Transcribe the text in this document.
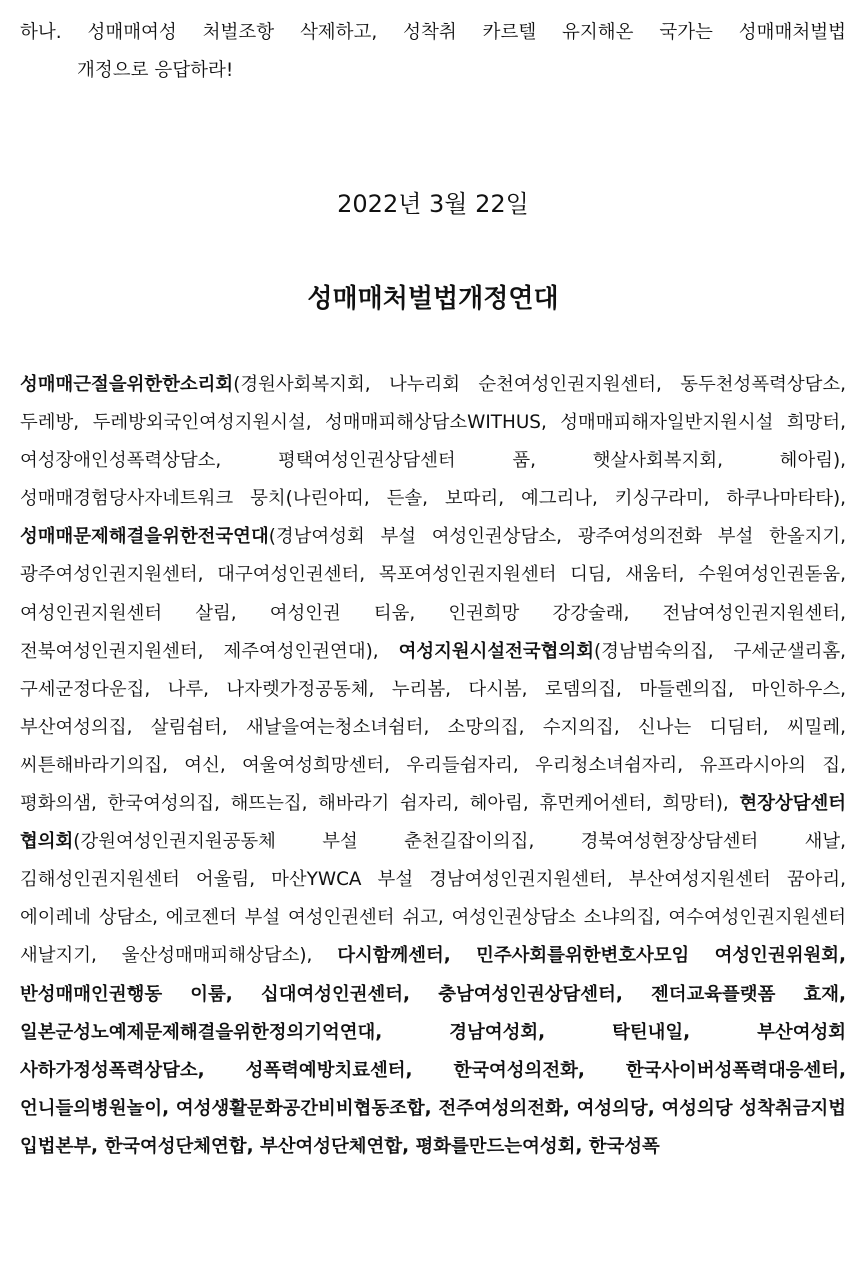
하나. 성매매여성 처벌조항 삭제하고, 성착취 카르텔 유지해온 국가는 성매매처벌법

개정으로 응답하라!

2022년 3월 22일
성매매처벌법개정연대

성매매근절을위한한소리회(경원사회복지회, 나누리회 순천여성인권지원센터, 동두천성폭력상담소, 두레방, 두레방외국인여성지원시설, 성매매피해상담소WITHUS, 성매매피해자일반지원시설 희망터, 여성장애인성폭력상담소, 평택여성인권상담센터 품, 햇살사회복지회, 헤아림), 성매매경험당사자네트워크 뭉치(나린아띠, 든솔, 보따리, 예그리나, 키싱구라미, 하쿠나마타타), 성매매문제해결을위한전국연대(경남여성회 부설 여성인권상담소, 광주여성의전화 부설 한올지기, 광주여성인권지원센터, 대구여성인권센터, 목포여성인권지원센터 디딤, 새움터, 수원여성인권돋움, 여성인권지원센터 살림, 여성인권 티움, 인권희망 강강술래, 전남여성인권지원센터, 전북여성인권지원센터, 제주여성인권연대), 여성지원시설전국협의회(경남범숙의집, 구세군샐리홈, 구세군정다운집, 나루, 나자렛가정공동체, 누리봄, 다시봄, 로뎀의집, 마들렌의집, 마인하우스, 부산여성의집, 살림쉼터, 새날을여는청소녀쉼터, 소망의집, 수지의집, 신나는 디딤터, 씨밀레, 씨튼해바라기의집, 여신, 여울여성희망센터, 우리들쉼자리, 우리청소녀쉼자리, 유프라시아의 집, 평화의샘, 한국여성의집, 해뜨는집, 해바라기 쉼자리, 헤아림, 휴먼케어센터, 희망터), 현장상담센터 협의회(강원여성인권지원공동체 부설 춘천길잡이의집, 경북여성현장상담센터 새날, 김해성인권지원센터 어울림, 마산YWCA 부설 경남여성인권지원센터, 부산여성지원센터 꿈아리, 에이레네 상담소, 에코젠더 부설 여성인권센터 쉬고, 여성인권상담소 소냐의집, 여수여성인권지원센터 새날지기, 울산성매매피해상담소), 다시함께센터, 민주사회를위한변호사모임 여성인권위원회, 반성매매인권행동 이룸, 십대여성인권센터, 충남여성인권상담센터, 젠더교육플랫폼 효재, 일본군성노예제문제해결을위한정의기억연대, 경남여성회, 탁틴내일, 부산여성회 사하가정성폭력상담소, 성폭력예방치료센터, 한국여성의전화, 한국사이버성폭력대응센터, 언니들의병원놀이, 여성생활문화공간비비협동조합, 전주여성의전화, 여성의당, 여성의당 성착취금지법 입법본부, 한국여성단체연합, 부산여성단체연합, 평화를만드는여성회, 한국성폭
